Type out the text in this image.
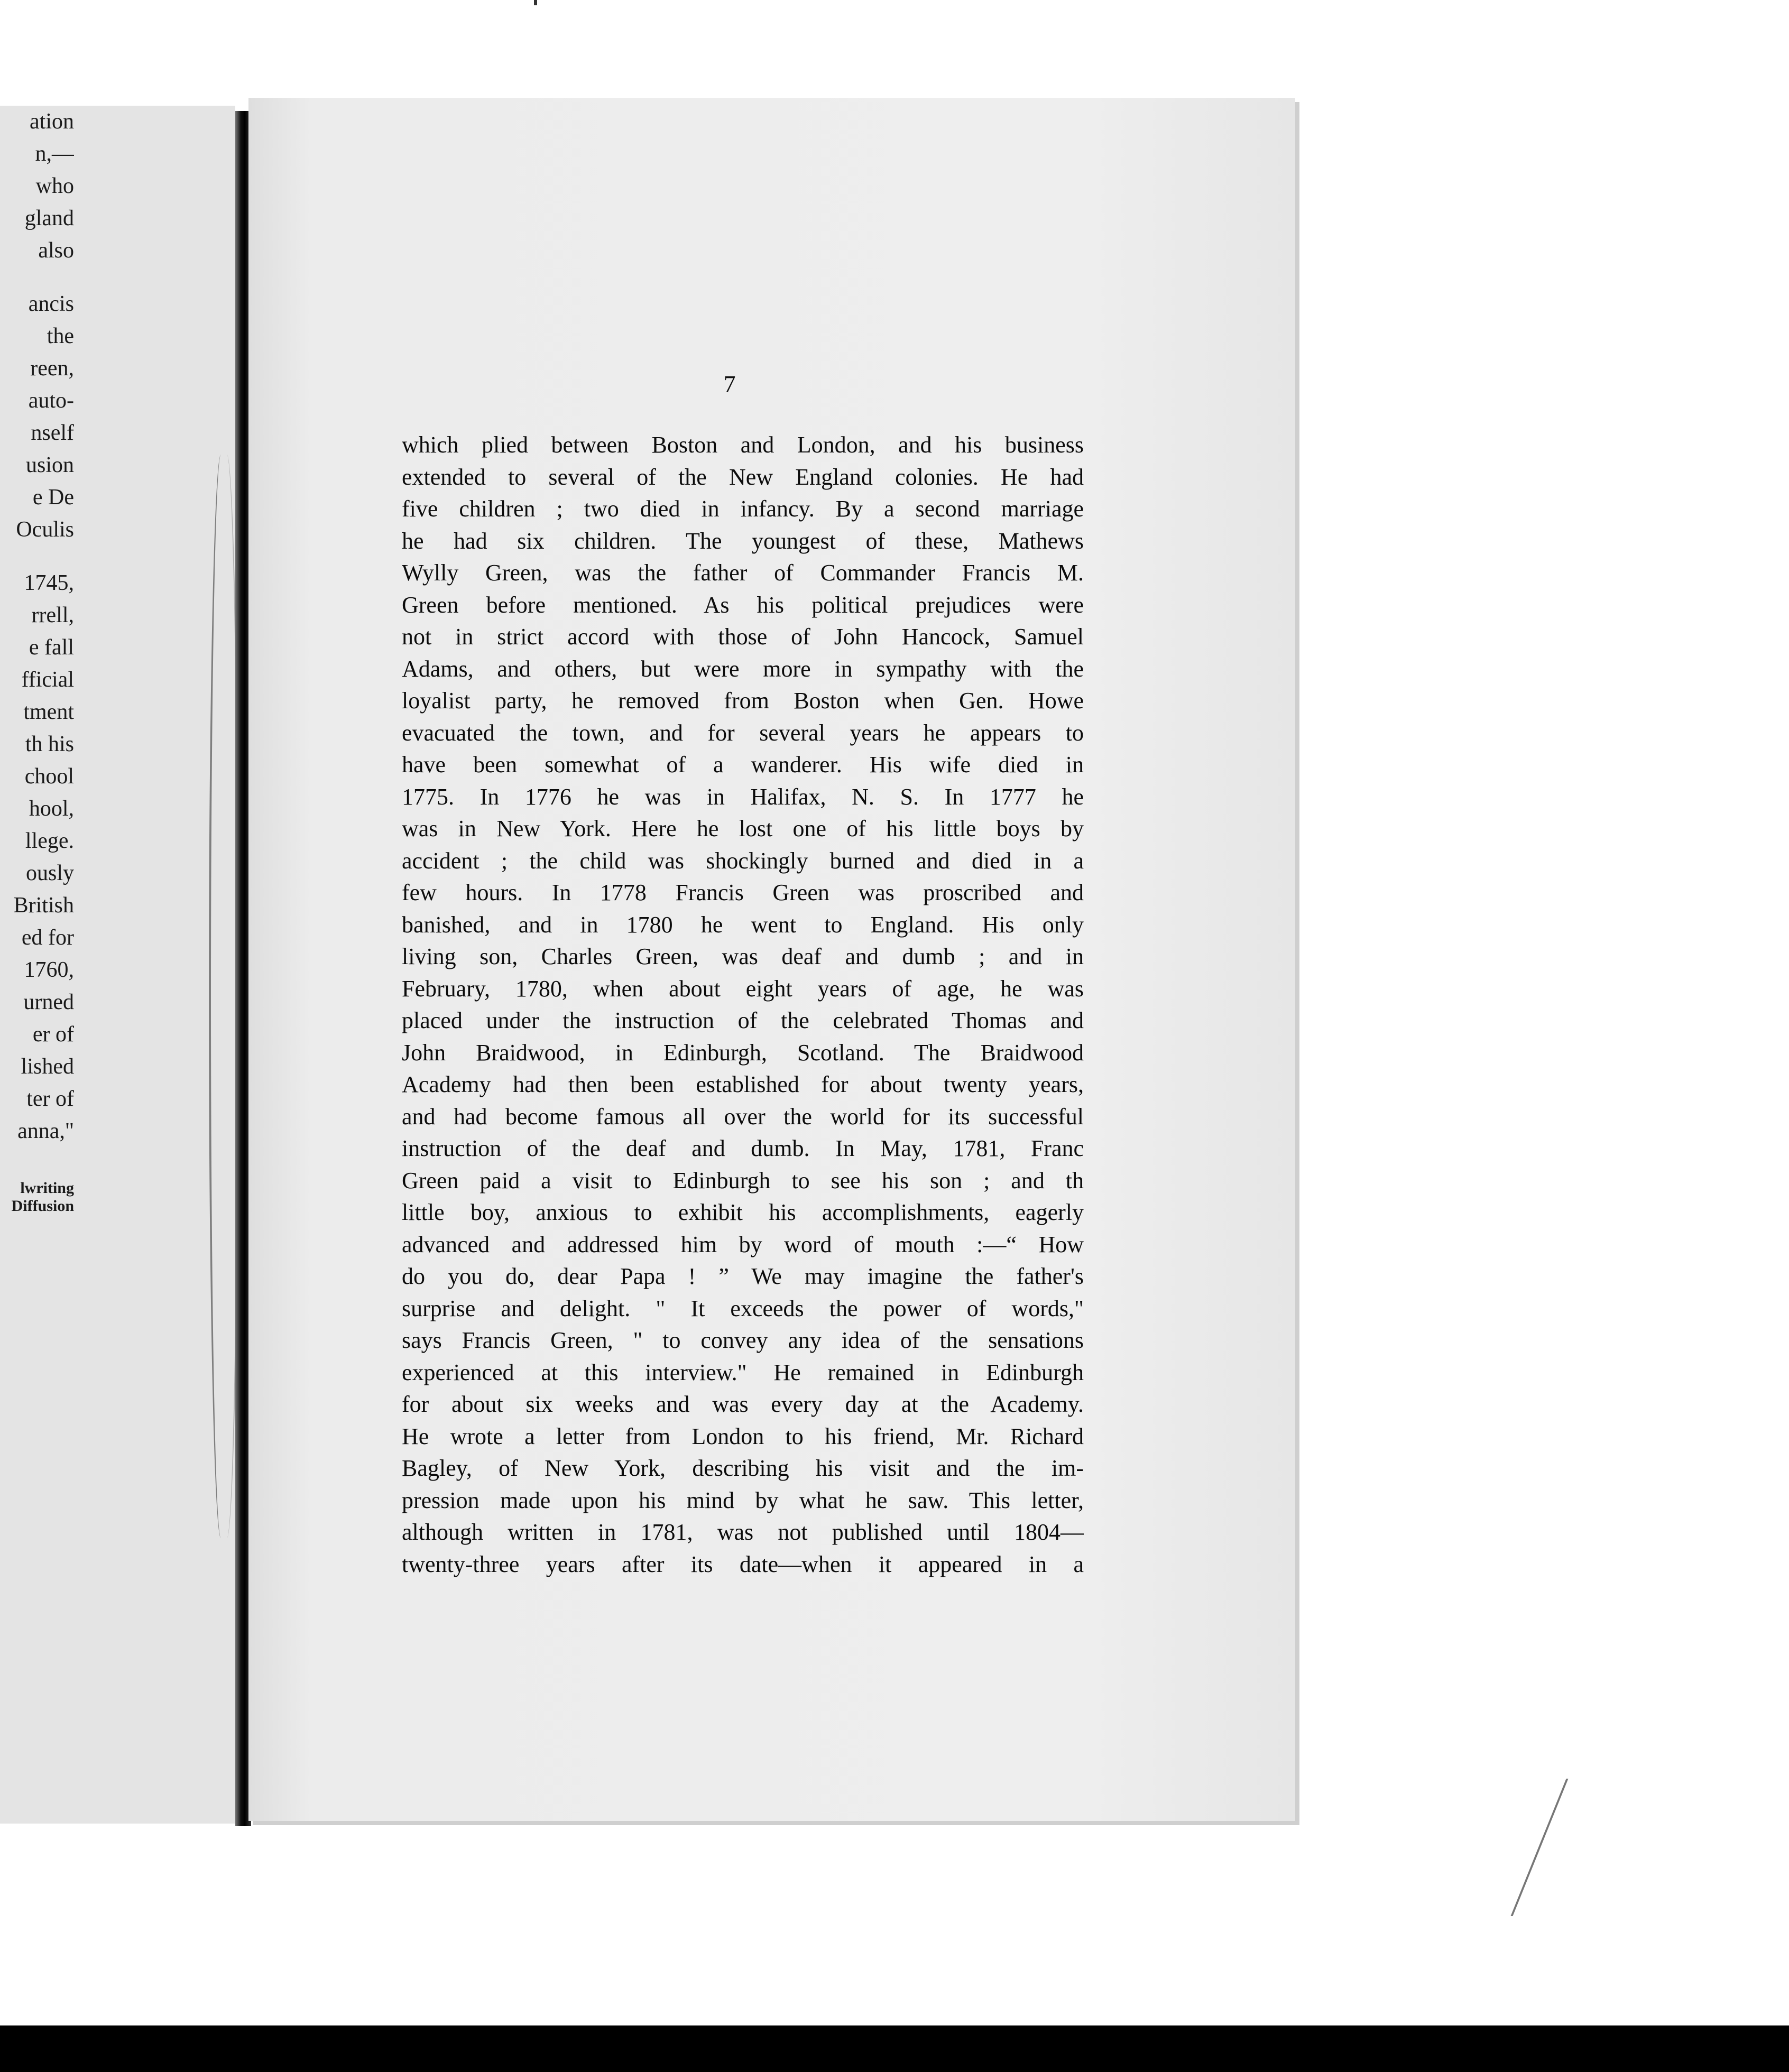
ation
n,—
who
gland
also
ancis
the
reen,
auto-
nself
usion
e De
Oculis
1745,
rrell,
e fall
fficial
tment
th his
chool
hool,
llege.
ously
British
ed for
1760,
urned
er of
lished
ter of
anna,"
lwriting
Diffusion

7

which plied between Boston and London, and his business
extended to several of the New England colonies. He had
five children ; two died in infancy. By a second marriage
he had six children. The youngest of these, Mathews
Wylly Green, was the father of Commander Francis M.
Green before mentioned. As his political prejudices were
not in strict accord with those of John Hancock, Samuel
Adams, and others, but were more in sympathy with the
loyalist party, he removed from Boston when Gen. Howe
evacuated the town, and for several years he appears to
have been somewhat of a wanderer. His wife died in
1775. In 1776 he was in Halifax, N. S. In 1777 he
was in New York. Here he lost one of his little boys by
accident ; the child was shockingly burned and died in a
few hours. In 1778 Francis Green was proscribed and
banished, and in 1780 he went to England. His only
living son, Charles Green, was deaf and dumb ; and in
February, 1780, when about eight years of age, he was
placed under the instruction of the celebrated Thomas and
John Braidwood, in Edinburgh, Scotland. The Braidwood
Academy had then been established for about twenty years,
and had become famous all over the world for its successful
instruction of the deaf and dumb. In May, 1781, Franc
Green paid a visit to Edinburgh to see his son ; and th
little boy, anxious to exhibit his accomplishments, eagerly
advanced and addressed him by word of mouth :—“ How
do you do, dear Papa ! ” We may imagine the father's
surprise and delight. " It exceeds the power of words,"
says Francis Green, " to convey any idea of the sensations
experienced at this interview." He remained in Edinburgh
for about six weeks and was every day at the Academy.
He wrote a letter from London to his friend, Mr. Richard
Bagley, of New York, describing his visit and the im-
pression made upon his mind by what he saw. This letter,
although written in 1781, was not published until 1804—
twenty-three years after its date—when it appeared in a
